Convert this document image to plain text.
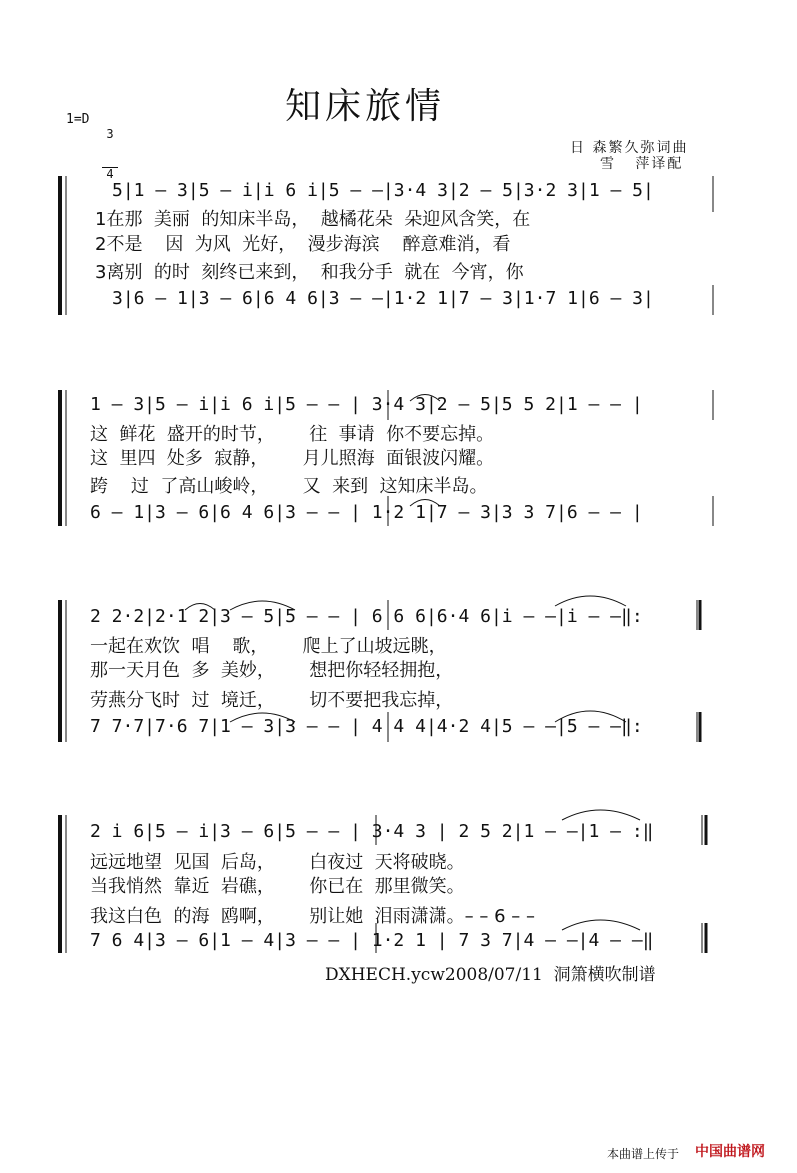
知床旅情
1=D

3

4

日 森繁久弥词曲
雪   萍译配
5|1 – 3|5 – i|i 6 i|5 – –|3·4 3|2 – 5|3·2 3|1 – 5|
1在那  美丽  的知床半岛，  越橘花朵  朵迎风含笑，在
2不是    因  为风  光好，  漫步海滨    醉意难消，看
3离别  的时  刻终已来到，  和我分手  就在  今宵，你
3|6 – 1|3 – 6|6 4 6|3 – –|1·2 1|7 – 3|1·7 1|6 – 3|
1 – 3|5 – i|i 6 i|5 – – | 3·4 3|2 – 5|5 5 2|1 – – |
这  鲜花  盛开的时节，      往  事请  你不要忘掉。
这  里四  处多  寂静，      月儿照海  面银波闪耀。
跨    过  了高山峻岭，      又  来到  这知床半岛。
6 – 1|3 – 6|6 4 6|3 – – | 1·2 1|7 – 3|3 3 7|6 – – |
2 2·2|2·1 2|3 – 5|5 – – | 6 6 6|6·4 6|i – –|i – –‖:
一起在欢饮  唱    歌，      爬上了山坡远眺，
那一天月色  多  美妙，      想把你轻轻拥抱，
劳燕分飞时  过  境迁，      切不要把我忘掉，
7 7·7|7·6 7|1 – 3|3 – – | 4 4 4|4·2 4|5 – –|5 – –‖:
2 i 6|5 – i|3 – 6|5 – – | 3·4 3 | 2 5 2|1 – –|1 – :‖
远远地望  见国  后岛，      白夜过  天将破晓。
当我悄然  靠近  岩礁，      你已在  那里微笑。
我这白色  的海  鸥啊，      别让她  泪雨潇潇。– – 6 – –
7 6 4|3 – 6|1 – 4|3 – – | 1·2 1 | 7 3 7|4 – –|4 – –‖
DXHECH.ycw2008/07/11  洞箫横吹制谱
本曲谱上传于 中国曲谱网
